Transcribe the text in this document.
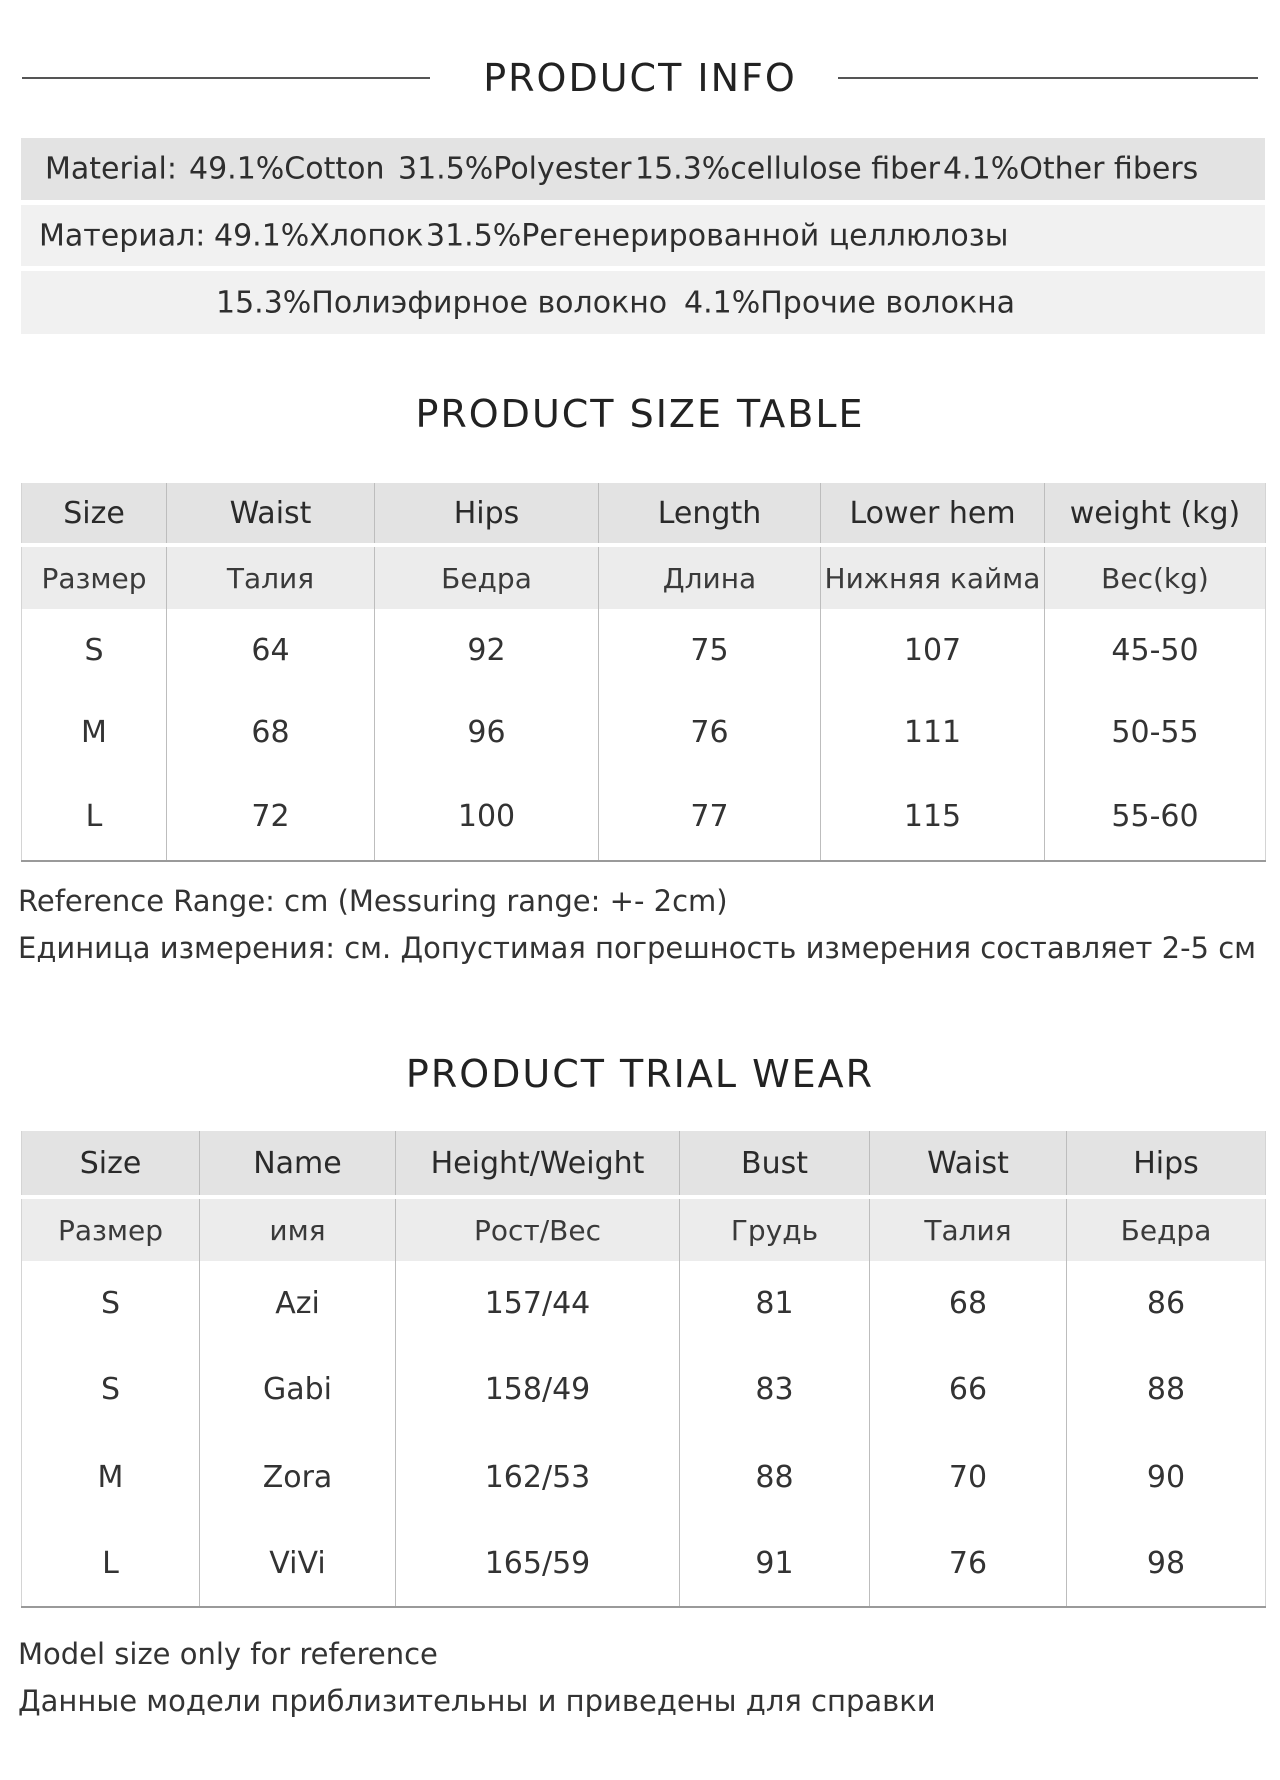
PRODUCT INFO
Material: 49.1%Cotton 31.5%Polyester 15.3%cellulose fiber 4.1%Other fibers
Материал: 49.1%Хлопок 31.5%Регенерированной целлюлозы
15.3%Полиэфирное волокно 4.1%Прочие волокна
PRODUCT SIZE TABLE
Size	Waist	Hips	Length	Lower hem	weight (kg)
Размер	Талия	Бедра	Длина	Нижняя кайма	Вес(kg)
S	64	92	75	107	45-50
M	68	96	76	111	50-55
L	72	100	77	115	55-60
Reference Range: cm (Messuring range: +- 2cm)
Единица измерения: см. Допустимая погрешность измерения составляет 2-5 см
PRODUCT TRIAL WEAR
Size	Name	Height/Weight	Bust	Waist	Hips
Размер	имя	Рост/Вес	Грудь	Талия	Бедра
S	Azi	157/44	81	68	86
S	Gabi	158/49	83	66	88
M	Zora	162/53	88	70	90
L	ViVi	165/59	91	76	98
Model size only for reference
Данные модели приблизительны и приведены для справки
